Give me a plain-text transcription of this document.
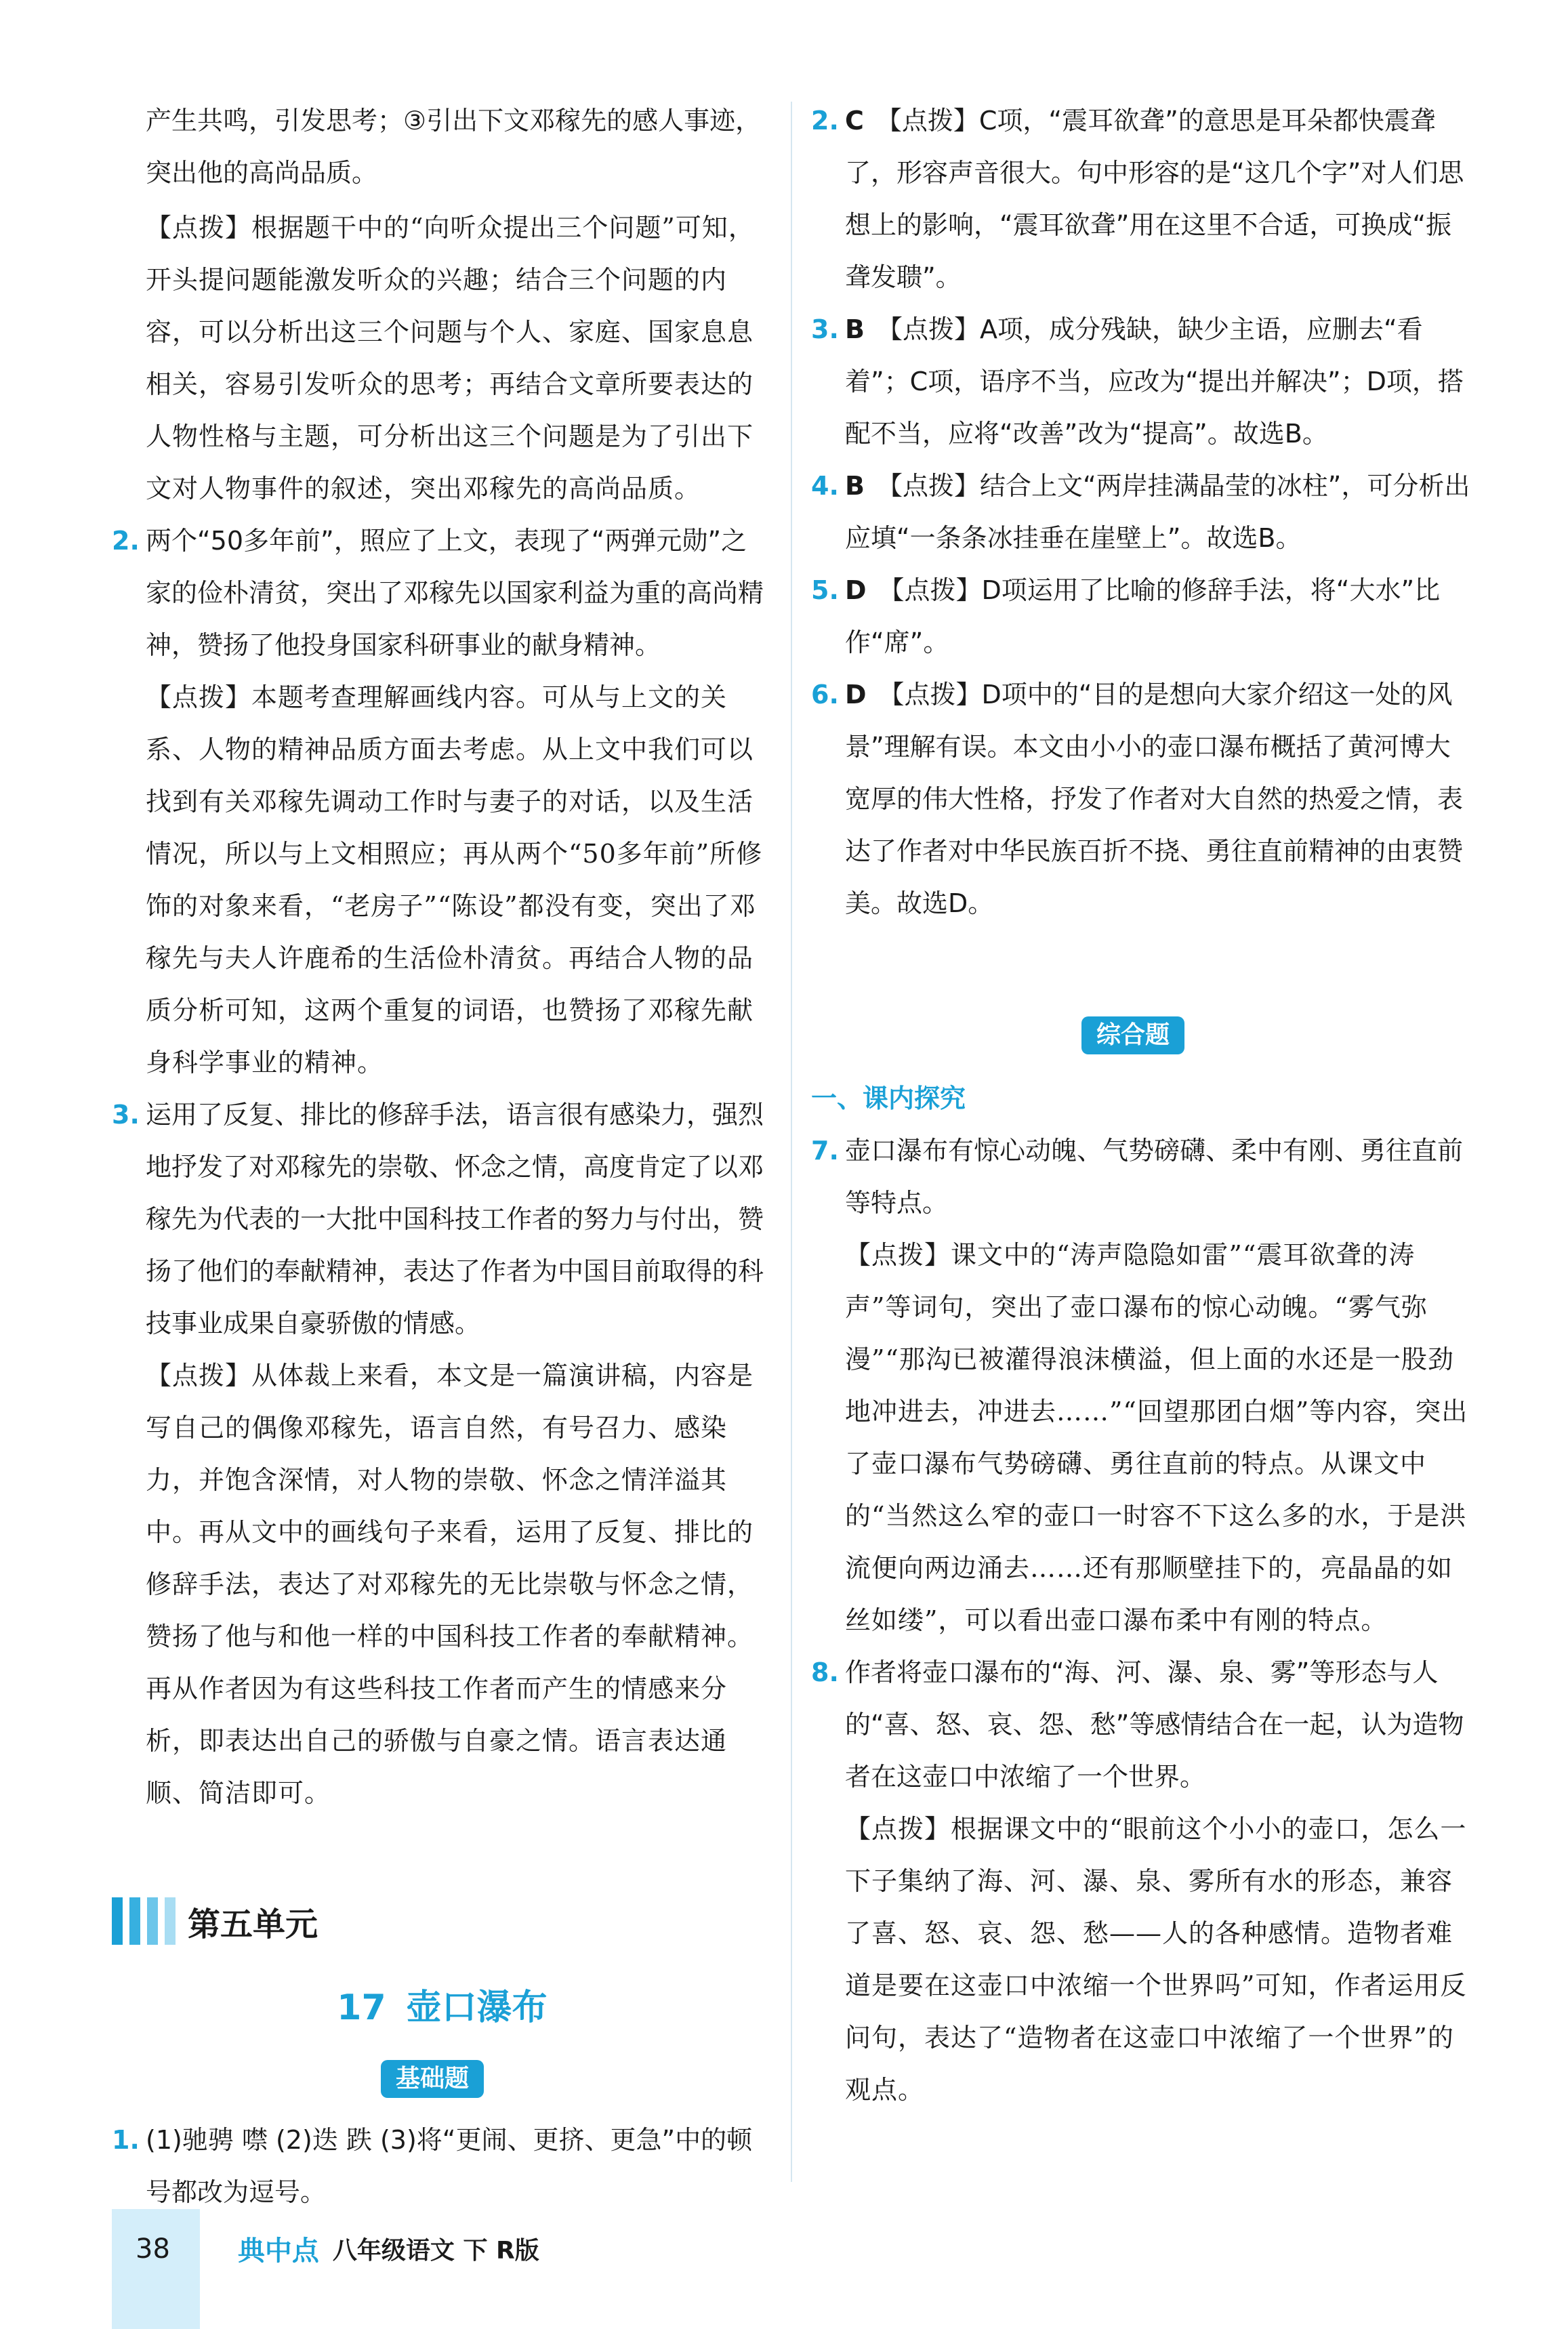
产生共鸣，引发思考；③引出下文邓稼先的感人事迹，

突出他的高尚品质。

【点拨】根据题干中的“向听众提出三个问题”可知，开头提问题能激发听众的兴趣；结合三个问题的内容，可以分析出这三个问题与个人、家庭、国家息息相关，容易引发听众的思考；再结合文章所要表达的人物性格与主题，可分析出这三个问题是为了引出下文对人物事件的叙述，突出邓稼先的高尚品质。

2. 两个“50多年前”，照应了上文，表现了“两弹元勋”之家的俭朴清贫，突出了邓稼先以国家利益为重的高尚精神，赞扬了他投身国家科研事业的献身精神。

【点拨】本题考查理解画线内容。可从与上文的关系、人物的精神品质方面去考虑。从上文中我们可以找到有关邓稼先调动工作时与妻子的对话，以及生活情况，所以与上文相照应；再从两个“50多年前”所修饰的对象来看，“老房子”“陈设”都没有变，突出了邓稼先与夫人许鹿希的生活俭朴清贫。再结合人物的品质分析可知，这两个重复的词语，也赞扬了邓稼先献身科学事业的精神。

3. 运用了反复、排比的修辞手法，语言很有感染力，强烈地抒发了对邓稼先的崇敬、怀念之情，高度肯定了以邓稼先为代表的一大批中国科技工作者的努力与付出，赞扬了他们的奉献精神，表达了作者为中国目前取得的科技事业成果自豪骄傲的情感。

【点拨】从体裁上来看，本文是一篇演讲稿，内容是写自己的偶像邓稼先，语言自然，有号召力、感染力，并饱含深情，对人物的崇敬、怀念之情洋溢其中。再从文中的画线句子来看，运用了反复、排比的修辞手法，表达了对邓稼先的无比崇敬与怀念之情，赞扬了他与和他一样的中国科技工作者的奉献精神。再从作者因为有这些科技工作者而产生的情感来分析，即表达出自己的骄傲与自豪之情。语言表达通顺、简洁即可。

第五单元
17 壶口瀑布
基础题
1. (1)驰骋 噤 (2)迭 跌 (3)将“更闹、更挤、更急”中的顿号都改为逗号。
2. C 【点拨】C项，“震耳欲聋”的意思是耳朵都快震聋了，形容声音很大。句中形容的是“这几个字”对人们思想上的影响，“震耳欲聋”用在这里不合适，可换成“振聋发聩”。
3. B 【点拨】A项，成分残缺，缺少主语，应删去“看着”；C项，语序不当，应改为“提出并解决”；D项，搭配不当，应将“改善”改为“提高”。故选B。
4. B 【点拨】结合上文“两岸挂满晶莹的冰柱”，可分析出应填“一条条冰挂垂在崖壁上”。故选B。
5. D 【点拨】D项运用了比喻的修辞手法，将“大水”比作“席”。
6. D 【点拨】D项中的“目的是想向大家介绍这一处的风景”理解有误。本文由小小的壶口瀑布概括了黄河博大宽厚的伟大性格，抒发了作者对大自然的热爱之情，表达了作者对中华民族百折不挠、勇往直前精神的由衷赞美。故选D。
综合题
一、课内探究
7. 壶口瀑布有惊心动魄、气势磅礴、柔中有刚、勇往直前等特点。

【点拨】课文中的“涛声隐隐如雷”“震耳欲聋的涛声”等词句，突出了壶口瀑布的惊心动魄。“雾气弥漫”“那沟已被灌得浪沫横溢，但上面的水还是一股劲地冲进去，冲进去……”“回望那团白烟”等内容，突出了壶口瀑布气势磅礴、勇往直前的特点。从课文中的“当然这么窄的壶口一时容不下这么多的水，于是洪流便向两边涌去……还有那顺壁挂下的，亮晶晶的如丝如缕”，可以看出壶口瀑布柔中有刚的特点。

8. 作者将壶口瀑布的“海、河、瀑、泉、雾”等形态与人的“喜、怒、哀、怨、愁”等感情结合在一起，认为造物者在这壶口中浓缩了一个世界。

【点拨】根据课文中的“眼前这个小小的壶口，怎么一下子集纳了海、河、瀑、泉、雾所有水的形态，兼容了喜、怒、哀、怨、愁——人的各种感情。造物者难道是要在这壶口中浓缩一个世界吗”可知，作者运用反问句，表达了“造物者在这壶口中浓缩了一个世界”的观点。

38	典中点 八年级语文 下 R版
